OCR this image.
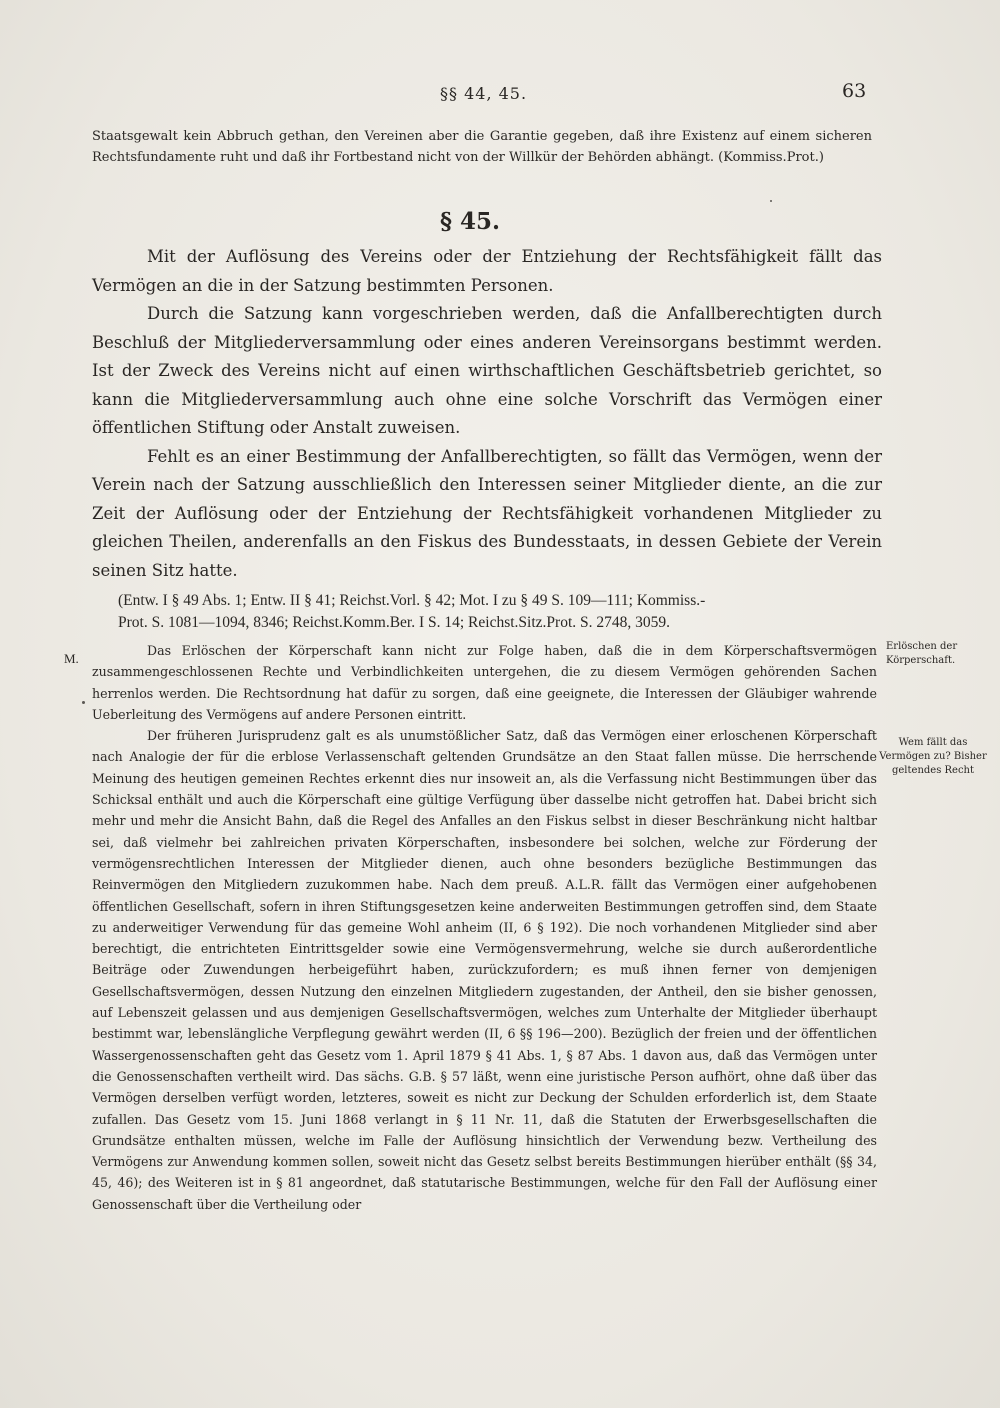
§§ 44, 45.	63

Staatsgewalt kein Abbruch gethan, den Vereinen aber die Garantie gegeben, daß ihre Existenz auf einem sicheren Rechtsfundamente ruht und daß ihr Fortbestand nicht von der Willkür der Behörden abhängt. (Kommiss.Prot.)

§ 45.

Mit der Auflösung des Vereins oder der Entziehung der Rechtsfähigkeit fällt das Vermögen an die in der Satzung bestimmten Personen.

Durch die Satzung kann vorgeschrieben werden, daß die Anfallberechtigten durch Beschluß der Mitgliederversammlung oder eines anderen Vereinsorgans bestimmt werden. Ist der Zweck des Vereins nicht auf einen wirthschaftlichen Geschäftsbetrieb gerichtet, so kann die Mitgliederversammlung auch ohne eine solche Vorschrift das Vermögen einer öffentlichen Stiftung oder Anstalt zuweisen.

Fehlt es an einer Bestimmung der Anfallberechtigten, so fällt das Vermögen, wenn der Verein nach der Satzung ausschließlich den Interessen seiner Mitglieder diente, an die zur Zeit der Auflösung oder der Entziehung der Rechtsfähigkeit vorhandenen Mitglieder zu gleichen Theilen, anderenfalls an den Fiskus des Bundesstaats, in dessen Gebiete der Verein seinen Sitz hatte.

(Entw. I § 49 Abs. 1; Entw. II § 41; Reichst.Vorl. § 42; Mot. I zu § 49 S. 109—111; Kommiss.-
Prot. S. 1081—1094, 8346; Reichst.Komm.Ber. I S. 14; Reichst.Sitz.Prot. S. 2748, 3059.
M.

Das Erlöschen der Körperschaft kann nicht zur Folge haben, daß die in dem Körperschaftsvermögen zusammengeschlossenen Rechte und Verbindlichkeiten untergehen, die zu diesem Vermögen gehörenden Sachen herrenlos werden. Die Rechtsordnung hat dafür zu sorgen, daß eine geeignete, die Interessen der Gläubiger wahrende Ueberleitung des Vermögens auf andere Personen eintritt.

Der früheren Jurisprudenz galt es als unumstößlicher Satz, daß das Vermögen einer erloschenen Körperschaft nach Analogie der für die erblose Verlassenschaft geltenden Grundsätze an den Staat fallen müsse. Die herrschende Meinung des heutigen gemeinen Rechtes erkennt dies nur insoweit an, als die Verfassung nicht Bestimmungen über das Schicksal enthält und auch die Körperschaft eine gültige Verfügung über dasselbe nicht getroffen hat. Dabei bricht sich mehr und mehr die Ansicht Bahn, daß die Regel des Anfalles an den Fiskus selbst in dieser Beschränkung nicht haltbar sei, daß vielmehr bei zahlreichen privaten Körperschaften, insbesondere bei solchen, welche zur Förderung der vermögensrechtlichen Interessen der Mitglieder dienen, auch ohne besonders bezügliche Bestimmungen das Reinvermögen den Mitgliedern zuzukommen habe. Nach dem preuß. A.L.R. fällt das Vermögen einer aufgehobenen öffentlichen Gesellschaft, sofern in ihren Stiftungsgesetzen keine anderweiten Bestimmungen getroffen sind, dem Staate zu anderweitiger Verwendung für das gemeine Wohl anheim (II, 6 § 192). Die noch vorhandenen Mitglieder sind aber berechtigt, die entrichteten Eintrittsgelder sowie eine Vermögensvermehrung, welche sie durch außerordentliche Beiträge oder Zuwendungen herbeigeführt haben, zurückzufordern; es muß ihnen ferner von demjenigen Gesellschaftsvermögen, dessen Nutzung den einzelnen Mitgliedern zugestanden, der Antheil, den sie bisher genossen, auf Lebenszeit gelassen und aus demjenigen Gesellschaftsvermögen, welches zum Unterhalte der Mitglieder überhaupt bestimmt war, lebenslängliche Verpflegung gewährt werden (II, 6 §§ 196—200). Bezüglich der freien und der öffentlichen Wassergenossenschaften geht das Gesetz vom 1. April 1879 § 41 Abs. 1, § 87 Abs. 1 davon aus, daß das Vermögen unter die Genossenschaften vertheilt wird. Das sächs. G.B. § 57 läßt, wenn eine juristische Person aufhört, ohne daß über das Vermögen derselben verfügt worden, letzteres, soweit es nicht zur Deckung der Schulden erforderlich ist, dem Staate zufallen. Das Gesetz vom 15. Juni 1868 verlangt in § 11 Nr. 11, daß die Statuten der Erwerbsgesellschaften die Grundsätze enthalten müssen, welche im Falle der Auflösung hinsichtlich der Verwendung bezw. Vertheilung des Vermögens zur Anwendung kommen sollen, soweit nicht das Gesetz selbst bereits Bestimmungen hierüber enthält (§§ 34, 45, 46); des Weiteren ist in § 81 angeordnet, daß statutarische Bestimmungen, welche für den Fall der Auflösung einer Genossenschaft über die Vertheilung oder

Erlöschen der Körperschaft.
Wem fällt das Vermögen zu? Bisher geltendes Recht
